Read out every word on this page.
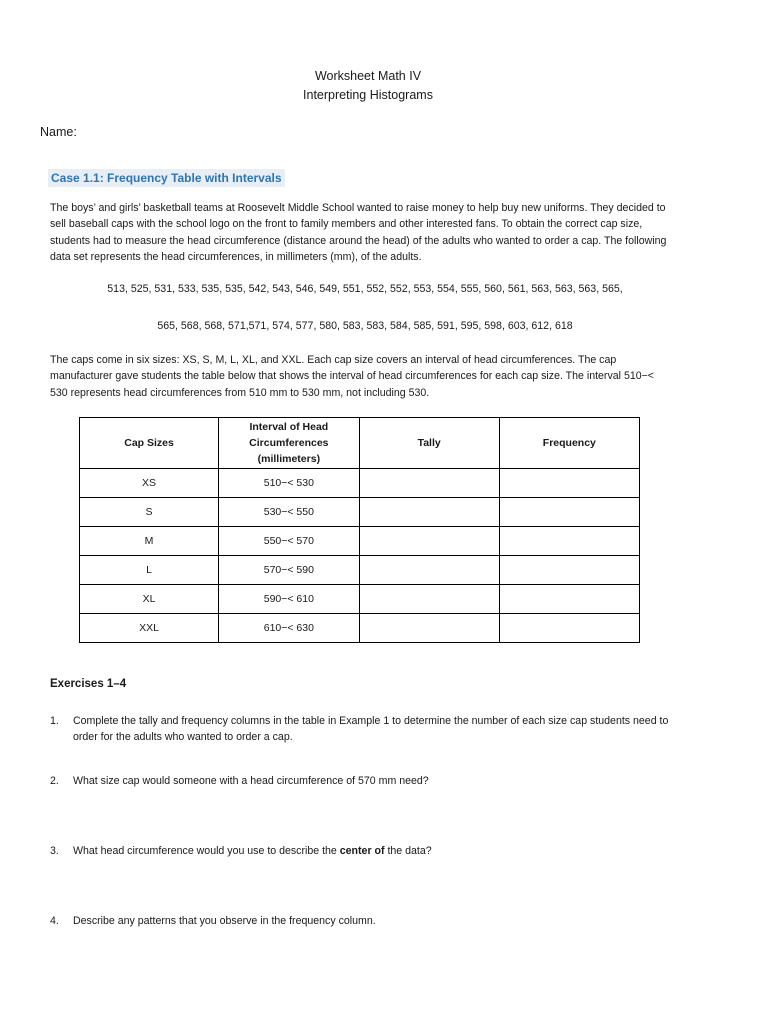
Worksheet Math IV
Interpreting Histograms
Name:
Case 1.1: Frequency Table with Intervals
The boys’ and girls’ basketball teams at Roosevelt Middle School wanted to raise money to help buy new uniforms. They decided to sell baseball caps with the school logo on the front to family members and other interested fans. To obtain the correct cap size, students had to measure the head circumference (distance around the head) of the adults who wanted to order a cap. The following data set represents the head circumferences, in millimeters (mm), of the adults.
513, 525, 531, 533, 535, 535, 542, 543, 546, 549, 551, 552, 552, 553, 554, 555, 560, 561, 563, 563, 563, 565,
565, 568, 568, 571,571, 574, 577, 580, 583, 583, 584, 585, 591, 595, 598, 603, 612, 618
The caps come in six sizes: XS, S, M, L, XL, and XXL. Each cap size covers an interval of head circumferences. The cap manufacturer gave students the table below that shows the interval of head circumferences for each cap size. The interval 510−< 530 represents head circumferences from 510 mm to 530 mm, not including 530.
Cap Sizes	Interval of Head Circumferences (millimeters)	Tally	Frequency
XS	510−< 530		
S	530−< 550		
M	550−< 570		
L	570−< 590		
XL	590−< 610		
XXL	610−< 630		
Exercises 1–4
1. Complete the tally and frequency columns in the table in Example 1 to determine the number of each size cap students need to order for the adults who wanted to order a cap.
2. What size cap would someone with a head circumference of 570 mm need?
3. What head circumference would you use to describe the center of the data?
4. Describe any patterns that you observe in the frequency column.
